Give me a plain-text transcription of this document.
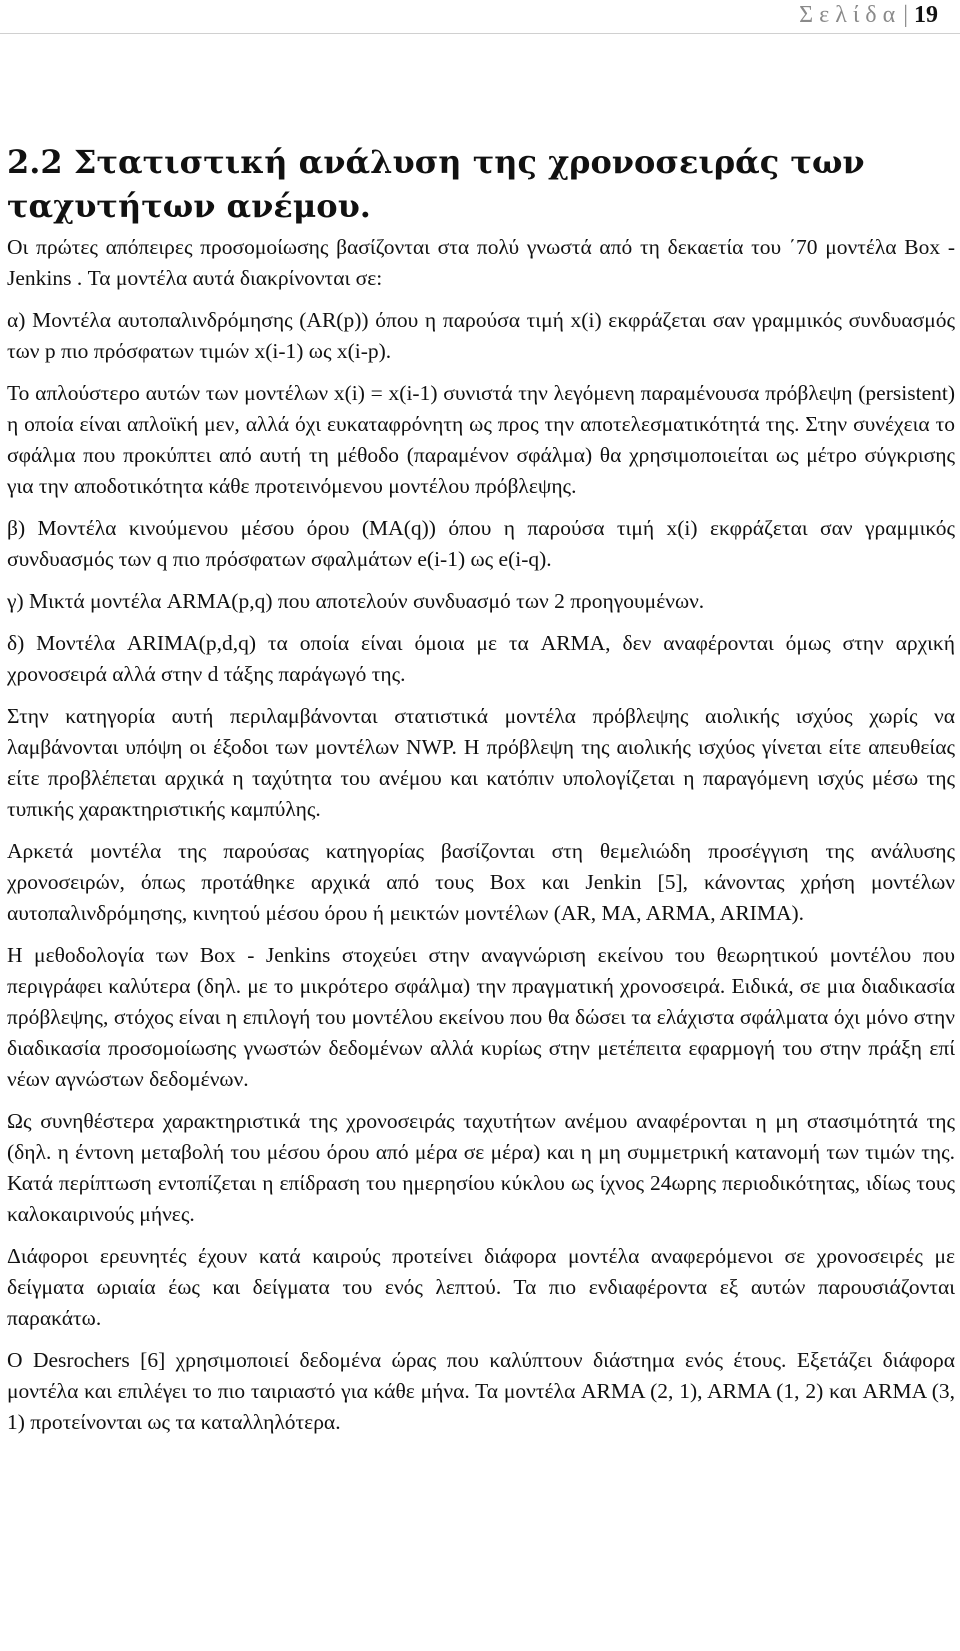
Σελίδα| 19
2.2 Στατιστική ανάλυση της χρονοσειράς των ταχυτήτων ανέμου.

Οι πρώτες απόπειρες προσομοίωσης βασίζονται στα πολύ γνωστά από τη δεκαετία του ΄70 μοντέλα Box - Jenkins . Τα μοντέλα αυτά διακρίνονται σε:

α) Μοντέλα αυτοπαλινδρόμησης (AR(p)) όπου η παρούσα τιμή x(i) εκφράζεται σαν γραμμικός συνδυασμός των p πιο πρόσφατων τιμών x(i-1) ως x(i-p).

Το απλούστερο αυτών των μοντέλων x(i) = x(i-1) συνιστά την λεγόμενη παραμένουσα πρόβλεψη (persistent) η οποία είναι απλοϊκή μεν, αλλά όχι ευκαταφρόνητη ως προς την αποτελεσματικότητά της. Στην συνέχεια το σφάλμα που προκύπτει από αυτή τη μέθοδο (παραμένον σφάλμα) θα χρησιμοποιείται ως μέτρο σύγκρισης για την αποδοτικότητα κάθε προτεινόμενου μοντέλου πρόβλεψης.

β) Μοντέλα κινούμενου μέσου όρου (MA(q)) όπου η παρούσα τιμή x(i) εκφράζεται σαν γραμμικός συνδυασμός των q πιο πρόσφατων σφαλμάτων e(i-1) ως e(i-q).

γ) Μικτά μοντέλα ARMA(p,q) που αποτελούν συνδυασμό των 2 προηγουμένων.

δ) Μοντέλα ARIMA(p,d,q) τα οποία είναι όμοια με τα ARMA, δεν αναφέρονται όμως στην αρχική χρονοσειρά αλλά στην d τάξης παράγωγό της.

Στην κατηγορία αυτή περιλαμβάνονται στατιστικά μοντέλα πρόβλεψης αιολικής ισχύος χωρίς να λαμβάνονται υπόψη οι έξοδοι των μοντέλων NWP. Η πρόβλεψη της αιολικής ισχύος γίνεται είτε απευθείας είτε προβλέπεται αρχικά η ταχύτητα του ανέμου και κατόπιν υπολογίζεται η παραγόμενη ισχύς μέσω της τυπικής χαρακτηριστικής καμπύλης.

Αρκετά μοντέλα της παρούσας κατηγορίας βασίζονται στη θεμελιώδη προσέγγιση της ανάλυσης χρονοσειρών, όπως προτάθηκε αρχικά από τους Box και Jenkin [5], κάνοντας χρήση μοντέλων αυτοπαλινδρόμησης, κινητού μέσου όρου ή μεικτών μοντέλων (AR, MA, ARMA, ARIMA).

Η μεθοδολογία των Box - Jenkins στοχεύει στην αναγνώριση εκείνου του θεωρητικού μοντέλου που περιγράφει καλύτερα (δηλ. με το μικρότερο σφάλμα) την πραγματική χρονοσειρά. Ειδικά, σε μια διαδικασία πρόβλεψης, στόχος είναι η επιλογή του μοντέλου εκείνου που θα δώσει τα ελάχιστα σφάλματα όχι μόνο στην διαδικασία προσομοίωσης γνωστών δεδομένων αλλά κυρίως στην μετέπειτα εφαρμογή του στην πράξη επί νέων αγνώστων δεδομένων.

Ως συνηθέστερα χαρακτηριστικά της χρονοσειράς ταχυτήτων ανέμου αναφέρονται η μη στασιμότητά της (δηλ. η έντονη μεταβολή του μέσου όρου από μέρα σε μέρα) και η μη συμμετρική κατανομή των τιμών της. Κατά περίπτωση εντοπίζεται η επίδραση του ημερησίου κύκλου ως ίχνος 24ωρης περιοδικότητας, ιδίως τους καλοκαιρινούς μήνες.

Διάφοροι ερευνητές έχουν κατά καιρούς προτείνει διάφορα μοντέλα αναφερόμενοι σε χρονοσειρές με δείγματα ωριαία έως και δείγματα του ενός λεπτού. Τα πιο ενδιαφέροντα εξ αυτών παρουσιάζονται παρακάτω.

Ο Desrochers [6] χρησιμοποιεί δεδομένα ώρας που καλύπτουν διάστημα ενός έτους. Εξετάζει διάφορα μοντέλα και επιλέγει το πιο ταιριαστό για κάθε μήνα. Τα μοντέλα ARMA (2, 1), ARMA (1, 2) και ARMA (3, 1) προτείνονται ως τα καταλληλότερα.
